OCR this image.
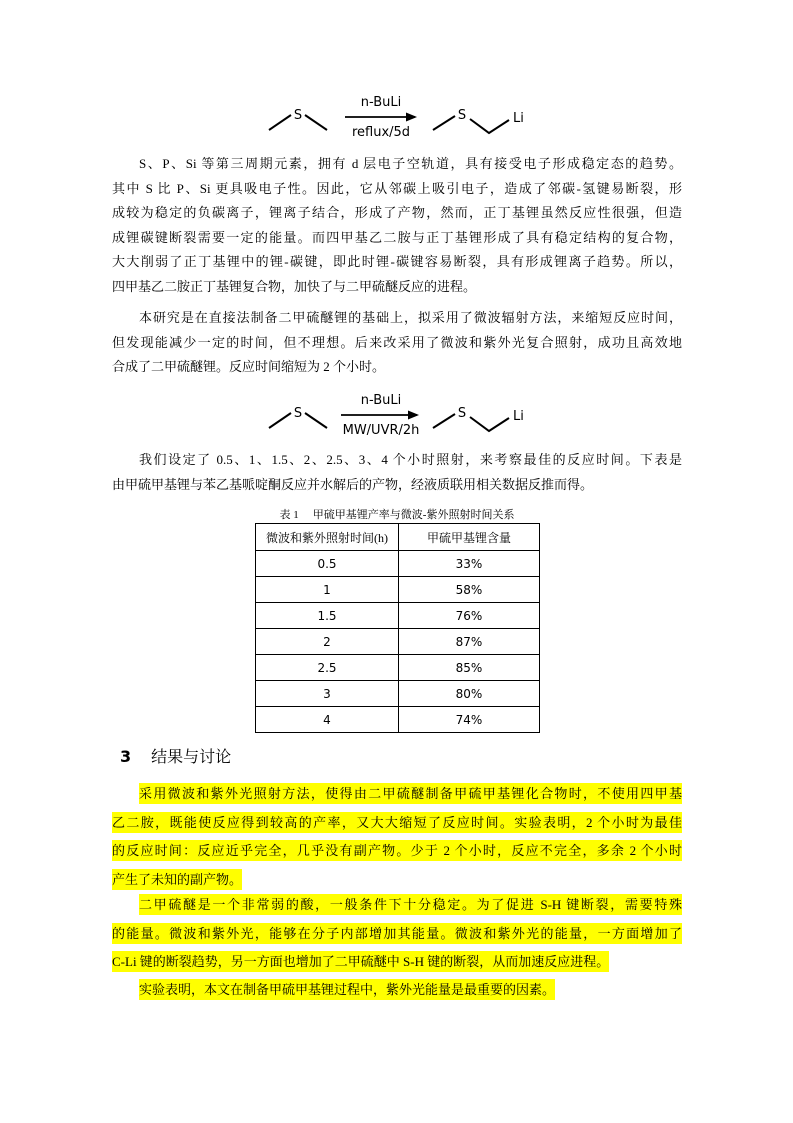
S
n-BuLi
reflux/5d
S	Li
S、P、Si 等第三周期元素，拥有 d 层电子空轨道，具有接受电子形成稳定态的趋势。
其中 S 比 P、Si 更具吸电子性。因此，它从邻碳上吸引电子，造成了邻碳-氢键易断裂，形
成较为稳定的负碳离子，锂离子结合，形成了产物，然而，正丁基锂虽然反应性很强，但造
成锂碳键断裂需要一定的能量。而四甲基乙二胺与正丁基锂形成了具有稳定结构的复合物，
大大削弱了正丁基锂中的锂-碳键，即此时锂-碳键容易断裂，具有形成锂离子趋势。所以，
四甲基乙二胺正丁基锂复合物，加快了与二甲硫醚反应的进程。
本研究是在直接法制备二甲硫醚锂的基础上，拟采用了微波辐射方法，来缩短反应时间，
但发现能减少一定的时间，但不理想。后来改采用了微波和紫外光复合照射，成功且高效地
合成了二甲硫醚锂。反应时间缩短为 2 个小时。
S
n-BuLi
MW/UVR/2h
S	Li
我们设定了 0.5、1、1.5、2、2.5、3、4 个小时照射，来考察最佳的反应时间。下表是
由甲硫甲基锂与苯乙基哌啶酮反应并水解后的产物，经液质联用相关数据反推而得。
表 1 甲硫甲基锂产率与微波-紫外照射时间关系
微波和紫外照射时间(h)	甲硫甲基锂含量
0.5	33%
1	58%
1.5	76%
2	87%
2.5	85%
3	80%
4	74%
3 结果与讨论
采用微波和紫外光照射方法，使得由二甲硫醚制备甲硫甲基锂化合物时，不使用四甲基
乙二胺，既能使反应得到较高的产率，又大大缩短了反应时间。实验表明，2 个小时为最佳
的反应时间：反应近乎完全，几乎没有副产物。少于 2 个小时，反应不完全，多余 2 个小时
产生了未知的副产物。
二甲硫醚是一个非常弱的酸，一般条件下十分稳定。为了促进 S-H 键断裂，需要特殊
的能量。微波和紫外光，能够在分子内部增加其能量。微波和紫外光的能量，一方面增加了
C-Li 键的断裂趋势，另一方面也增加了二甲硫醚中 S-H 键的断裂，从而加速反应进程。
实验表明，本文在制备甲硫甲基锂过程中，紫外光能量是最重要的因素。
